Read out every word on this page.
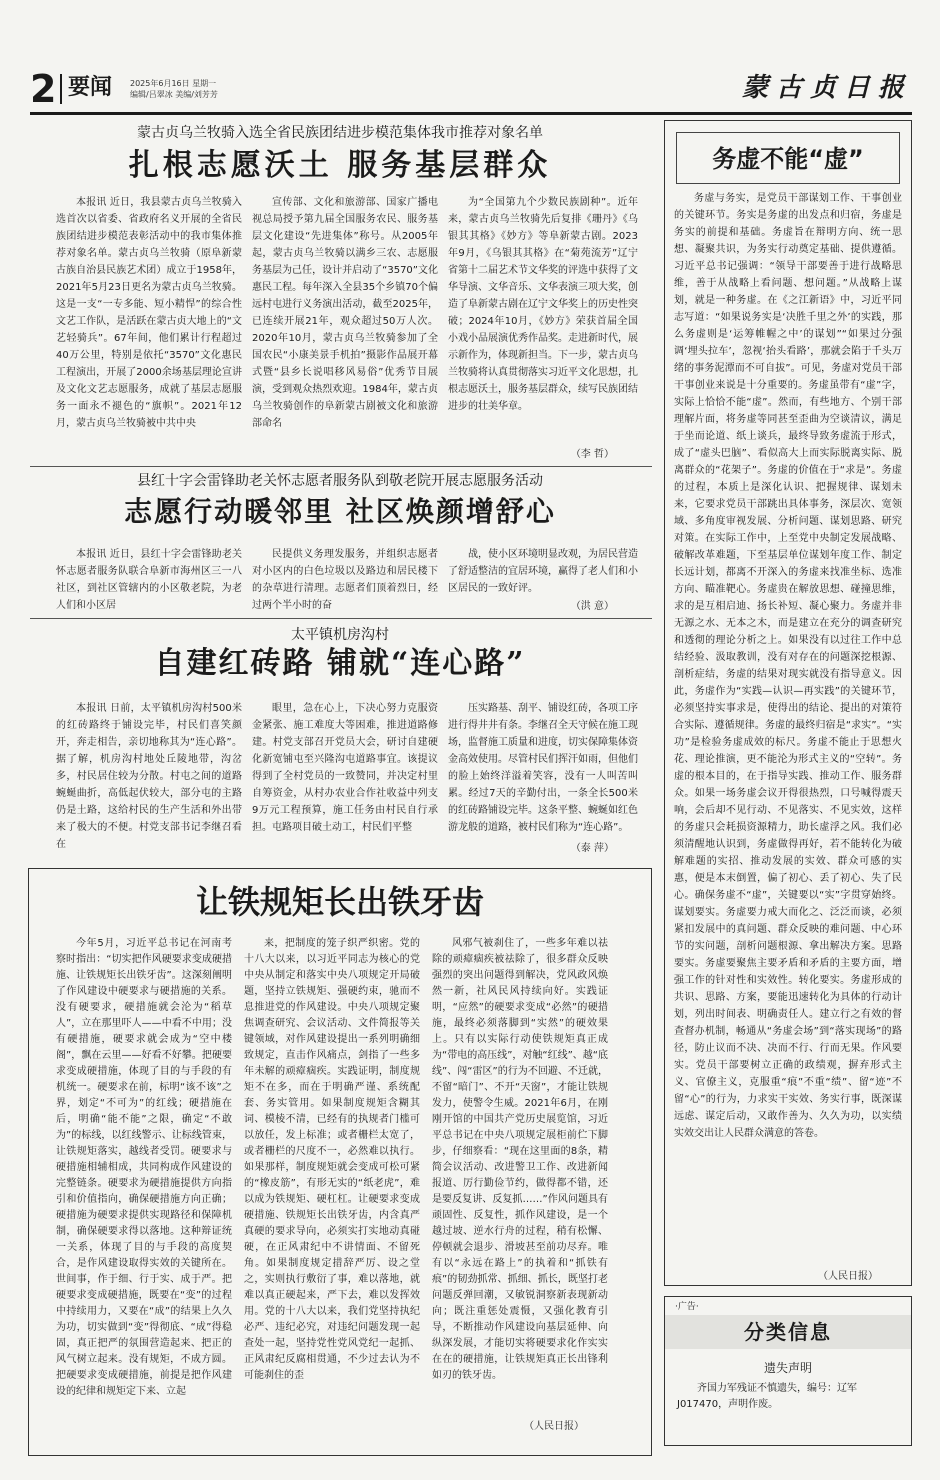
2 要闻 2025年6月16日 星期一
编辑/吕翠冰 美编/刘芳芳	蒙古贞日报
蒙古贞乌兰牧骑入选全省民族团结进步模范集体我市推荐对象名单
扎根志愿沃土 服务基层群众

本报讯 近日，我县蒙古贞乌兰牧骑入选首次以省委、省政府名义开展的全省民族团结进步模范表彰活动中的我市集体推荐对象名单。蒙古贞乌兰牧骑（原阜新蒙古族自治县民族艺术团）成立于1958年，2021年5月23日更名为蒙古贞乌兰牧骑。这是一支“一专多能、短小精悍”的综合性文艺工作队，是活跃在蒙古贞大地上的“文艺轻骑兵”。67年间，他们累计行程超过40万公里，特别是依托“3570”文化惠民工程演出，开展了2000余场基层理论宣讲及文化文艺志愿服务，成就了基层志愿服务一面永不褪色的“旗帜”。2021年12月，蒙古贞乌兰牧骑被中共中央

宣传部、文化和旅游部、国家广播电视总局授予第九届全国服务农民、服务基层文化建设“先进集体”称号。从2005年起，蒙古贞乌兰牧骑以满乡三农、志愿服务基层为己任，设计并启动了“3570”文化惠民工程。每年深入全县35个乡镇70个偏远村屯进行义务演出活动，截至2025年，已连续开展21年，观众超过50万人次。2020年10月，蒙古贞乌兰牧骑参加了全国农民“小康美景手机拍”摄影作品展开幕式暨“县乡长说唱移风易俗”优秀节目展演，受到观众热烈欢迎。1984年，蒙古贞乌兰牧骑创作的阜新蒙古剧被文化和旅游部命名

为“全国第九个少数民族剧种”。近年来，蒙古贞乌兰牧骑先后复排《珊丹》《乌银其其格》《妙方》等阜新蒙古剧。2023年9月，《乌银其其格》在“菊苑流芳”辽宁省第十二届艺术节文华奖的评选中获得了文华导演、文华音乐、文华表演三项大奖，创造了阜新蒙古剧在辽宁文华奖上的历史性突破；2024年10月，《妙方》荣获首届全国小戏小品展演优秀作品奖。走进新时代，展示新作为，体现新担当。下一步，蒙古贞乌兰牧骑将认真贯彻落实习近平文化思想，扎根志愿沃土，服务基层群众，续写民族团结进步的壮美华章。

（李 哲）
县红十字会雷锋助老关怀志愿者服务队到敬老院开展志愿服务活动
志愿行动暖邻里 社区焕颜增舒心

本报讯 近日，县红十字会雷锋助老关怀志愿者服务队联合阜新市海州区三一八社区，到社区管辖内的小区敬老院，为老人们和小区居

民提供义务理发服务，并组织志愿者对小区内的白色垃圾以及路边和居民楼下的杂草进行清理。志愿者们顶着烈日，经过两个半小时的奋

战，使小区环境明显改观，为居民营造了舒适整洁的宜居环境，赢得了老人们和小区居民的一致好评。

（洪 意）
太平镇机房沟村
自建红砖路 铺就“连心路”

本报讯 日前，太平镇机房沟村500米的红砖路终于铺设完毕，村民们喜笑颜开，奔走相告，亲切地称其为“连心路”。据了解，机房沟村地处丘陵地带，沟岔多，村民居住较为分散。村屯之间的道路蜿蜒曲折，高低起伏较大，部分屯的主路仍是土路，这给村民的生产生活和外出带来了极大的不便。村党支部书记李继召看在

眼里，急在心上，下决心努力克服资金紧张、施工难度大等困难，推进道路修建。村党支部召开党员大会，研讨自建硬化新宽铺屯至兴隆沟屯道路事宜。该提议得到了全村党员的一致赞同，并决定村里自筹资金，从村办农业合作社收益中列支9万元工程预算，施工任务由村民自行承担。屯路项目破土动工，村民们平整

压实路基、刮平、铺设红砖，各项工序进行得井井有条。李继召全天守候在施工现场，监督施工质量和进度，切实保障集体资金高效使用。尽管村民们挥汗如雨，但他们的脸上始终洋溢着笑容，没有一人叫苦叫累。经过7天的辛勤付出，一条全长500米的红砖路铺设完毕。这条平整、蜿蜒如红色游龙般的道路，被村民们称为“连心路”。

（泰 萍）
让铁规矩长出铁牙齿

今年5月，习近平总书记在河南考察时指出：“切实把作风硬要求变成硬措施、让铁规矩长出铁牙齿”。这深刻阐明了作风建设中硬要求与硬措施的关系。没有硬要求，硬措施就会沦为“稻草人”，立在那里吓人——中看不中用；没有硬措施，硬要求就会成为“空中楼阁”，飘在云里——好看不好攀。把硬要求变成硬措施，体现了目的与手段的有机统一。硬要求在前，标明“该不该”之界，划定“不可为”的红线；硬措施在后，明确“能不能”之限，确定“不敢为”的标线，以红线警示、让标线管束，让铁规矩落实，越线者受罚。硬要求与硬措施相辅相成，共同构成作风建设的完整链条。硬要求为硬措施提供方向指引和价值指向，确保硬措施方向正确；硬措施为硬要求提供实现路径和保障机制，确保硬要求得以落地。这种辩证统一关系，体现了目的与手段的高度契合，是作风建设取得实效的关键所在。世间事，作于细、行于实、成于严。把硬要求变成硬措施，既要在“变”的过程中持续用力，又要在“成”的结果上久久为功，切实做到“变”得彻底、“成”得稳固，真正把严的氛围营造起来、把正的风气树立起来。没有规矩，不成方圆。把硬要求变成硬措施，前提是把作风建设的纪律和规矩定下来、立起

来，把制度的笼子织严织密。党的十八大以来，以习近平同志为核心的党中央从制定和落实中央八项规定开局破题，坚持立铁规矩、强硬约束，驰而不息推进党的作风建设。中央八项规定聚焦调查研究、会议活动、文件简报等关键领域，对作风建设提出一系列明确细致规定，直击作风痛点，剑指了一些多年未解的顽瘴痼疾。实践证明，制度规矩不在多，而在于明确严谨、系统配套、务实管用。如果制度规矩含糊其词、模棱不清，已经有的执规者门槛可以放任，发上标准；或者栅栏太宽了，或者栅栏的尺度不一，必然难以执行。如果那样，制度规矩就会变成可松可紧的“橡皮筋”，有形无实的“纸老虎”，难以成为铁规矩、硬杠杠。让硬要求变成硬措施、铁规矩长出铁牙齿，内含真严真硬的要求导向，必须实打实地动真碰硬，在正风肃纪中不讲情面、不留死角。如果制度规定措辞严厉、设之堂之，实则执行敷衍了事，难以落地，就难以真正硬起来，严下去，难以发挥效用。党的十八大以来，我们党坚持执纪必严、违纪必究，对违纪问题发现一起查处一起，坚持党性党风党纪一起抓、正风肃纪反腐相贯通，不少过去认为不可能刹住的歪

风邪气被刹住了，一些多年难以祛除的顽瘴痼疾被祛除了，很多群众反映强烈的突出问题得到解决，党风政风焕然一新，社风民风持续向好。实践证明，“应然”的硬要求变成“必然”的硬措施，最终必须落脚到“实然”的硬效果上。只有以实际行动使铁规矩真正成为“带电的高压线”，对触“红线”、越“底线”、闯“雷区”的行为不回避、不迁就，不留“暗门”、不开“天窗”，才能让铁规发力，使警令生威。2021年6月，在刚刚开馆的中国共产党历史展览馆，习近平总书记在中央八项规定展柜前伫下脚步，仔细察看：“现在这里面的8条，精简会议活动、改进警卫工作、改进新闻报道、厉行勤俭节约，做得都不错，还是要反复讲、反复抓……”作风问题具有顽固性、反复性，抓作风建设，是一个越过坡、逆水行舟的过程，稍有松懈、停顿就会退步、滑坡甚至前功尽弃。唯有以“永远在路上”的执着和“抓铁有痕”的韧劲抓常、抓细、抓长，既坚打老问题反弹回潮，又敏锐洞察新表现新动向；既注重惩处震慑，又强化教育引导，不断推动作风建设向基层延伸、向纵深发展，才能切实将硬要求化作实实在在的硬措施，让铁规矩真正长出锋利如刃的铁牙齿。

（人民日报）
务虚不能“虚”

务虚与务实，是党员干部谋划工作、干事创业的关键环节。务实是务虚的出发点和归宿，务虚是务实的前提和基础。务虚旨在辩明方向、统一思想、凝聚共识，为务实行动奠定基础、提供遵循。习近平总书记强调：“领导干部要善于进行战略思维，善于从战略上看问题、想问题。”从战略上谋划，就是一种务虚。在《之江新语》中，习近平同志写道：“如果说务实是‘决胜千里之外’的实践，那么务虚则是‘运筹帷幄之中’的谋划”“如果过分强调‘埋头拉车’，忽视‘抬头看路’，那就会陷于千头万绪的事务泥潭而不可自拔”。可见，务虚对党员干部干事创业来说是十分重要的。务虚虽带有“虚”字，实际上恰恰不能“虚”。然而，有些地方、个别干部理解片面，将务虚等同甚至歪曲为空谈清议，满足于坐而论道、纸上谈兵，最终导致务虚流于形式，成了“虚头巴脑”、看似高大上而实际脱离实际、脱离群众的“花架子”。务虚的价值在于“求是”。务虚的过程，本质上是深化认识、把握规律、谋划未来，它要求党员干部跳出具体事务，深层次、宽领域、多角度审视发展、分析问题、谋划思路、研究对策。在实际工作中，上至党中央制定发展战略、破解改革难题，下至基层单位谋划年度工作、制定长远计划，都离不开深入的务虚来找准坐标、选准方向、瞄准靶心。务虚贵在解放思想、碰撞思维，求的是互相启迪、扬长补短、凝心聚力。务虚并非无源之水、无本之木，而是建立在充分的调查研究和透彻的理论分析之上。如果没有以过往工作中总结经验、汲取教训，没有对存在的问题深挖根源、剖析症结，务虚的结果对现实就没有指导意义。因此，务虚作为“实践—认识—再实践”的关键环节，必须坚持实事求是，使得出的结论、提出的对策符合实际、遵循规律。务虚的最终归宿是“求实”。“实功”是检验务虚成效的标尺。务虚不能止于思想火花、理论推演，更不能沦为形式主义的“空转”。务虚的根本目的，在于指导实践、推动工作、服务群众。如果一场务虚会议开得很热烈，口号喊得震天响，会后却不见行动、不见落实、不见实效，这样的务虚只会耗损资源精力，助长虚浮之风。我们必须清醒地认识到，务虚做得再好，若不能转化为破解难题的实招、推动发展的实效、群众可感的实惠，便是本末倒置，偏了初心、丢了初心、失了民心。确保务虚不“虚”，关键要以“实”字贯穿始终。谋划要实。务虚要力戒大而化之、泛泛而谈，必须紧扣发展中的真问题、群众反映的难问题、中心环节的实问题，剖析问题根源、拿出解决方案。思路要实。务虚要聚焦主要矛盾和矛盾的主要方面，增强工作的针对性和实效性。转化要实。务虚形成的共识、思路、方案，要能迅速转化为具体的行动计划，列出时间表、明确责任人。建立行之有效的督查督办机制，畅通从“务虚会场”到“落实现场”的路径，防止议而不决、决而不行、行而无果。作风要实。党员干部要树立正确的政绩观，摒弃形式主义、官僚主义，克服重“痕”不重“绩”、留“迹”不留“心”的行为，力求实干实效、务实行事，既深谋远虑、谋定后动，又敢作善为、久久为功，以实绩实效交出让人民群众满意的答卷。

（人民日报）
·广告·
分类信息
遗失声明
齐国力军残证不慎遗失，编号：辽军J017470，声明作废。
